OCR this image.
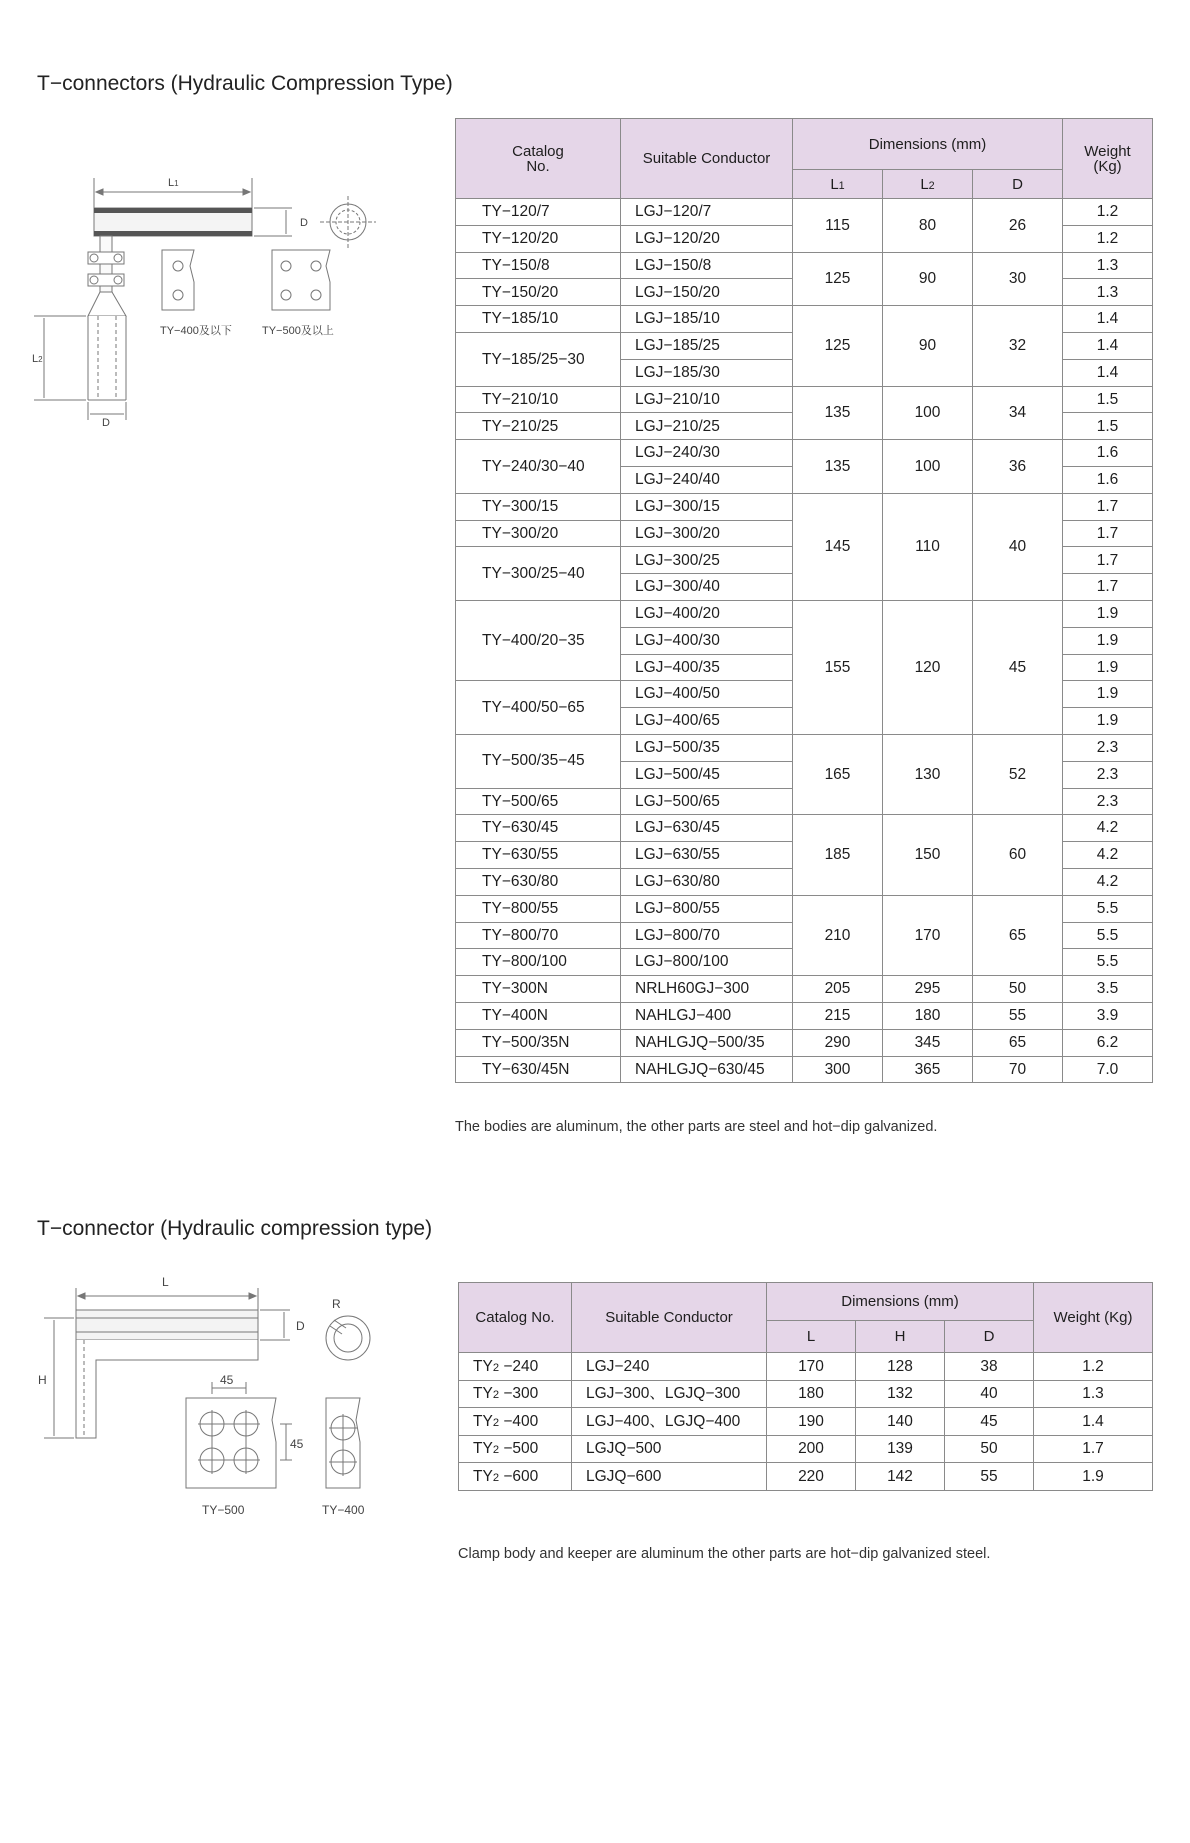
T−connectors (Hydraulic Compression Type)
L1
D
L2
D
TY−400及以下	TY−500及以上
Catalog
No.	Suitable Conductor	Dimensions (mm)			Weight
(Kg)
		L1	L2	D	
TY−120/7	LGJ−120/7	115	80	26	1.2
TY−120/20	LGJ−120/20				1.2
TY−150/8	LGJ−150/8	125	90	30	1.3
TY−150/20	LGJ−150/20				1.3
TY−185/10	LGJ−185/10	125	90	32	1.4
TY−185/25−30	LGJ−185/25				1.4
	LGJ−185/30				1.4
TY−210/10	LGJ−210/10	135	100	34	1.5
TY−210/25	LGJ−210/25				1.5
TY−240/30−40	LGJ−240/30	135	100	36	1.6
	LGJ−240/40				1.6
TY−300/15	LGJ−300/15	145	110	40	1.7
TY−300/20	LGJ−300/20				1.7
TY−300/25−40	LGJ−300/25				1.7
	LGJ−300/40				1.7
TY−400/20−35	LGJ−400/20	155	120	45	1.9
	LGJ−400/30				1.9
	LGJ−400/35				1.9
TY−400/50−65	LGJ−400/50				1.9
	LGJ−400/65				1.9
TY−500/35−45	LGJ−500/35	165	130	52	2.3
	LGJ−500/45				2.3
TY−500/65	LGJ−500/65				2.3
TY−630/45	LGJ−630/45	185	150	60	4.2
TY−630/55	LGJ−630/55				4.2
TY−630/80	LGJ−630/80				4.2
TY−800/55	LGJ−800/55	210	170	65	5.5
TY−800/70	LGJ−800/70				5.5
TY−800/100	LGJ−800/100				5.5
TY−300N	NRLH60GJ−300	205	295	50	3.5
TY−400N	NAHLGJ−400	215	180	55	3.9
TY−500/35N	NAHLGJQ−500/35	290	345	65	6.2
TY−630/45N	NAHLGJQ−630/45	300	365	70	7.0

The bodies are aluminum, the other parts are steel and hot−dip galvanized.

T−connector (Hydraulic compression type)
L
D
H
R
45
45
TY−500	TY−400
Catalog No.	Suitable Conductor	Dimensions (mm)			Weight (Kg)
		L	H	D	
TY2 −240	LGJ−240	170	128	38	1.2
TY2 −300	LGJ−300、LGJQ−300	180	132	40	1.3
TY2 −400	LGJ−400、LGJQ−400	190	140	45	1.4
TY2 −500	LGJQ−500	200	139	50	1.7
TY2 −600	LGJQ−600	220	142	55	1.9

Clamp body and keeper are aluminum the other parts are hot−dip galvanized steel.
